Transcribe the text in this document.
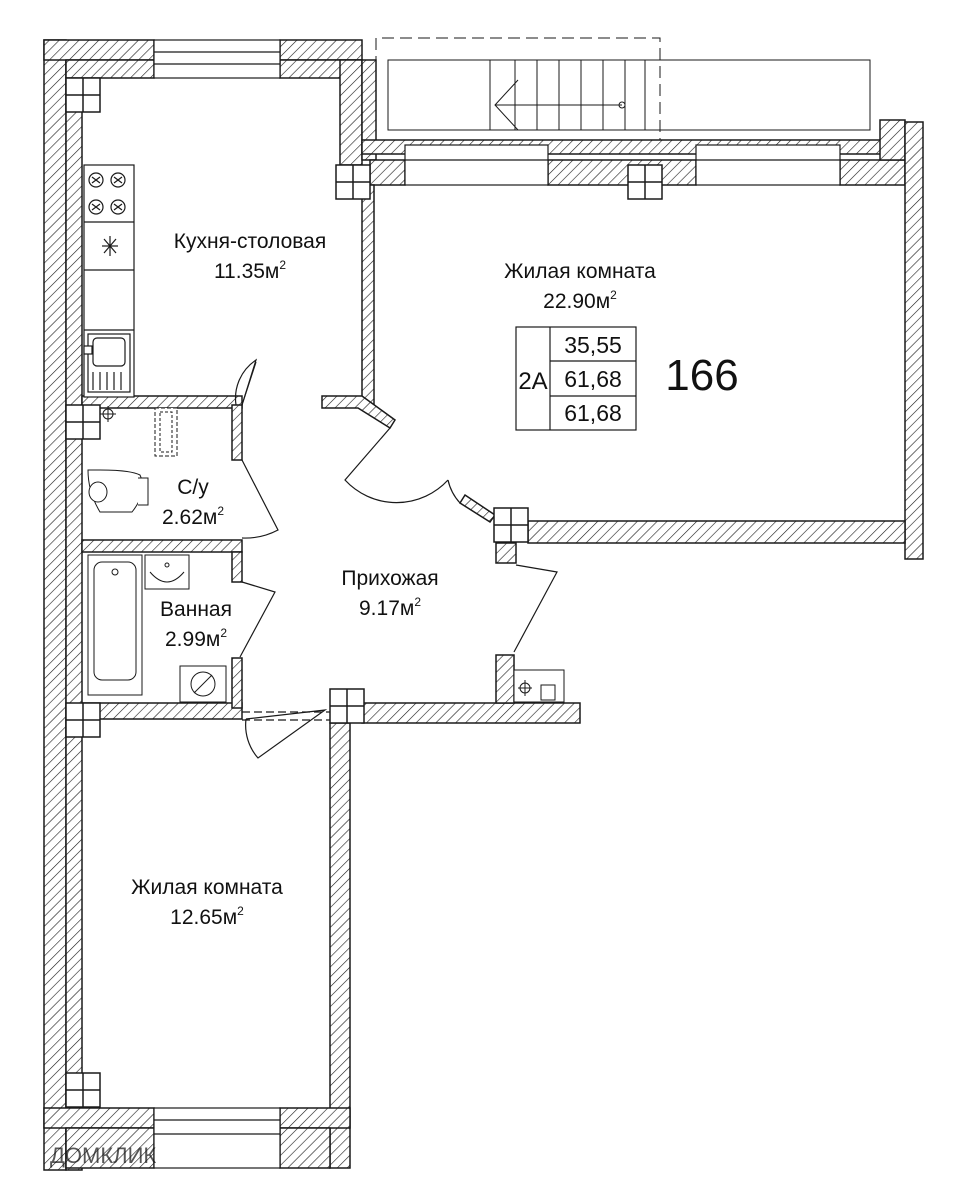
2А
35,55
61,68
61,68
166
Кухня-столовая
$11.35м^2$	Жилая комната
$22.90м^2$
С/у
$2.62м^2$
Прихожая
$9.17м^2$
Ванная
$2.99м^2$
Жилая комната
$12.65м^2$
ДОМКЛИК
